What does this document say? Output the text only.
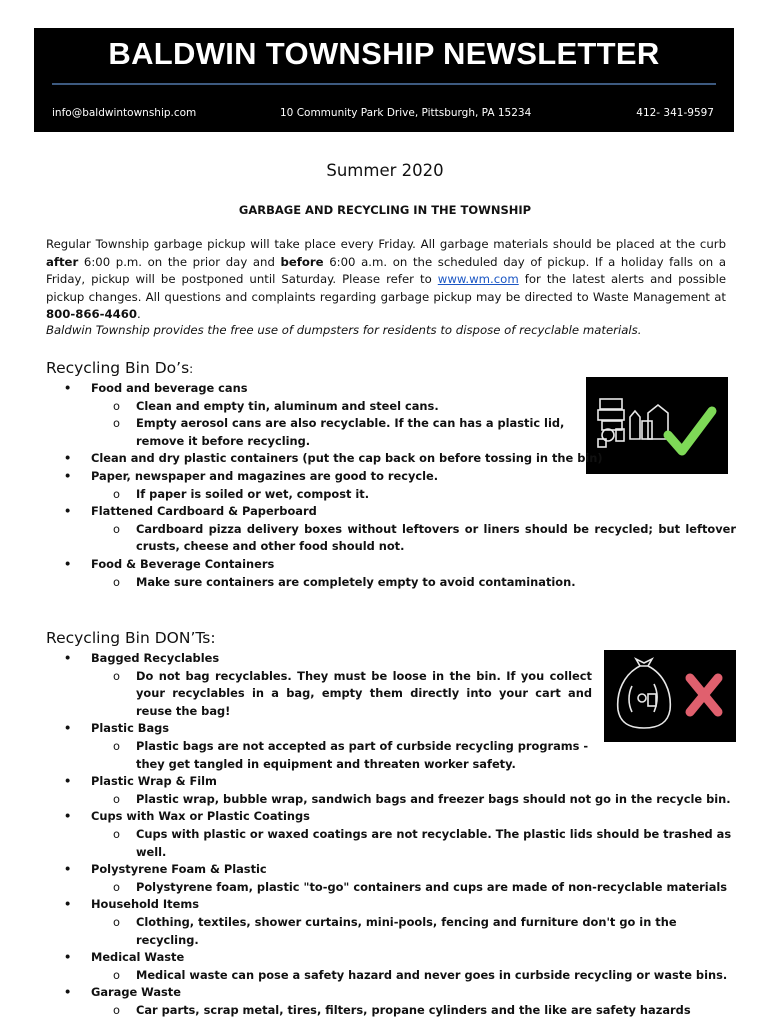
BALDWIN TOWNSHIP NEWSLETTER
info@baldwintownship.com	10 Community Park Drive, Pittsburgh, PA 15234	412- 341-9597
Summer 2020
GARBAGE AND RECYCLING IN THE TOWNSHIP
Regular Township garbage pickup will take place every Friday. All garbage materials should be placed at the curb after 6:00 p.m. on the prior day and before 6:00 a.m. on the scheduled day of pickup. If a holiday falls on a Friday, pickup will be postponed until Saturday. Please refer to www.wm.com for the latest alerts and possible pickup changes. All questions and complaints regarding garbage pickup may be directed to Waste Management at 800-866-4460.
Baldwin Township provides the free use of dumpsters for residents to dispose of recyclable materials.
Recycling Bin Do’s:
• Food and beverage cans
o Clean and empty tin, aluminum and steel cans.
o Empty aerosol cans are also recyclable. If the can has a plastic lid, remove it before recycling.
• Clean and dry plastic containers (put the cap back on before tossing in the bin)
• Paper, newspaper and magazines are good to recycle.
o If paper is soiled or wet, compost it.
• Flattened Cardboard & Paperboard
o Cardboard pizza delivery boxes without leftovers or liners should be recycled; but leftover crusts, cheese and other food should not.
• Food & Beverage Containers
o Make sure containers are completely empty to avoid contamination.
Recycling Bin DON’Ts:
• Bagged Recyclables
o Do not bag recyclables. They must be loose in the bin. If you collect your recyclables in a bag, empty them directly into your cart and reuse the bag!
• Plastic Bags
o Plastic bags are not accepted as part of curbside recycling programs - they get tangled in equipment and threaten worker safety.
• Plastic Wrap & Film
o Plastic wrap, bubble wrap, sandwich bags and freezer bags should not go in the recycle bin.
• Cups with Wax or Plastic Coatings
o Cups with plastic or waxed coatings are not recyclable. The plastic lids should be trashed as well.
• Polystyrene Foam & Plastic
o Polystyrene foam, plastic "to-go" containers and cups are made of non-recyclable materials
• Household Items
o Clothing, textiles, shower curtains, mini-pools, fencing and furniture don't go in the recycling.
• Medical Waste
o Medical waste can pose a safety hazard and never goes in curbside recycling or waste bins.
• Garage Waste
o Car parts, scrap metal, tires, filters, propane cylinders and the like are safety hazards
